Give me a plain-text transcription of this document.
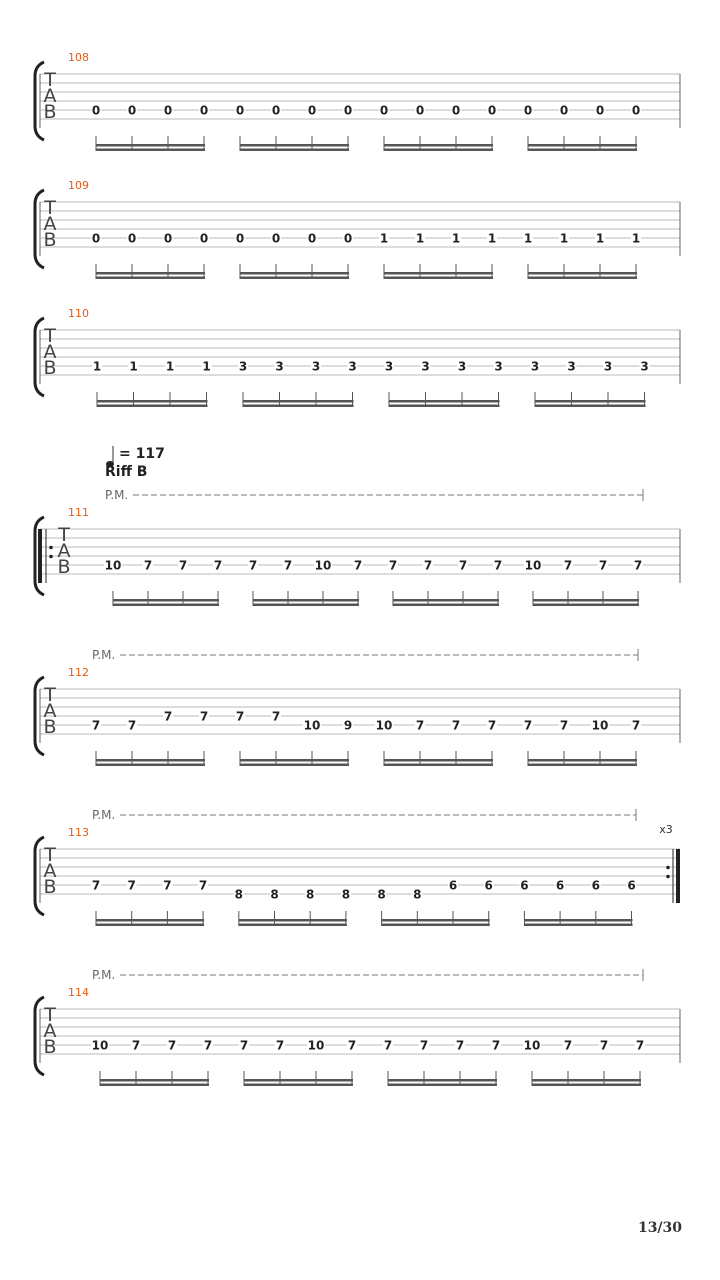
108
T
A
B	0 0 0 0 0 0 0 0 0 0 0 0 0 0 0 0
109
T
A
B	0 0 0 0 0 0 0 0 1 1 1 1 1 1 1 1
110
T
A
B	1 1 1 1 3 3 3 3 3 3 3 3 3 3 3 3
P.M.
= 117
Riff B
111
T
A
B	10 7 7 7 7 7 10 7 7 7 7 7 10 7 7 7
P.M.
112
T
A
B	7 7
7 7 7 7
10 9 10 7 7 7 7 7 10 7
P.M.
113
T
A
B
x3
7 7 7 7
8 8 8 8 8 8
6 6 6 6 6 6
P.M.
114
T
A
B	10 7 7 7 7 7 10 7 7 7 7 7 10 7 7 7
13/30
